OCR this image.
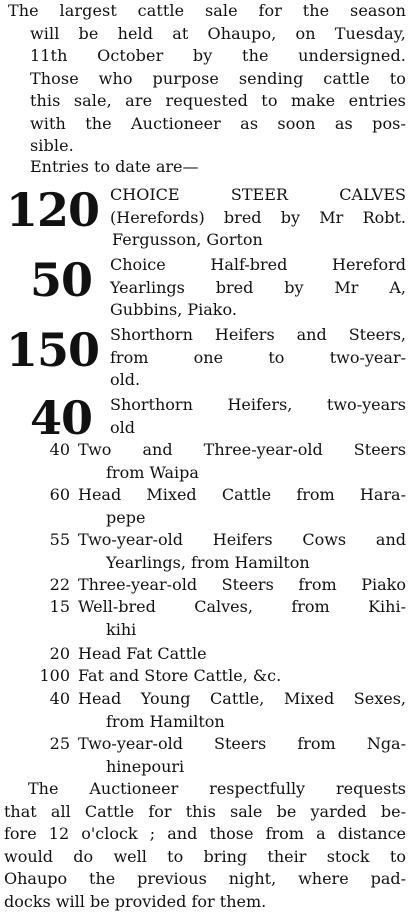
The largest cattle sale for the season
will be held at Ohaupo, on Tuesday,
11th October by the undersigned.
Those who purpose sending cattle to
this sale, are requested to make entries
with the Auctioneer as soon as pos-
sible.
Entries to date are—
120 CHOICE STEER CALVES
(Herefords) bred by Mr Robt.
Fergusson, Gorton
50 Choice Half-bred Hereford
Yearlings bred by Mr A,
Gubbins, Piako.
150 Shorthorn Heifers and Steers,
from one to two-year-
old.
40 Shorthorn Heifers, two-years
old
40 Two and Three-year-old Steers
from Waipa
60 Head Mixed Cattle from Hara-
pepe
55 Two-year-old Heifers Cows and
Yearlings, from Hamilton
22 Three-year-old Steers from Piako
15 Well-bred Calves, from Kihi-
kihi
20 Head Fat Cattle
100 Fat and Store Cattle, &c.
40 Head Young Cattle, Mixed Sexes,
from Hamilton
25 Two-year-old Steers from Nga-
hinepouri
The Auctioneer respectfully requests
that all Cattle for this sale be yarded be-
fore 12 o'clock ; and those from a distance
would do well to bring their stock to
Ohaupo the previous night, where pad-
docks will be provided for them.
